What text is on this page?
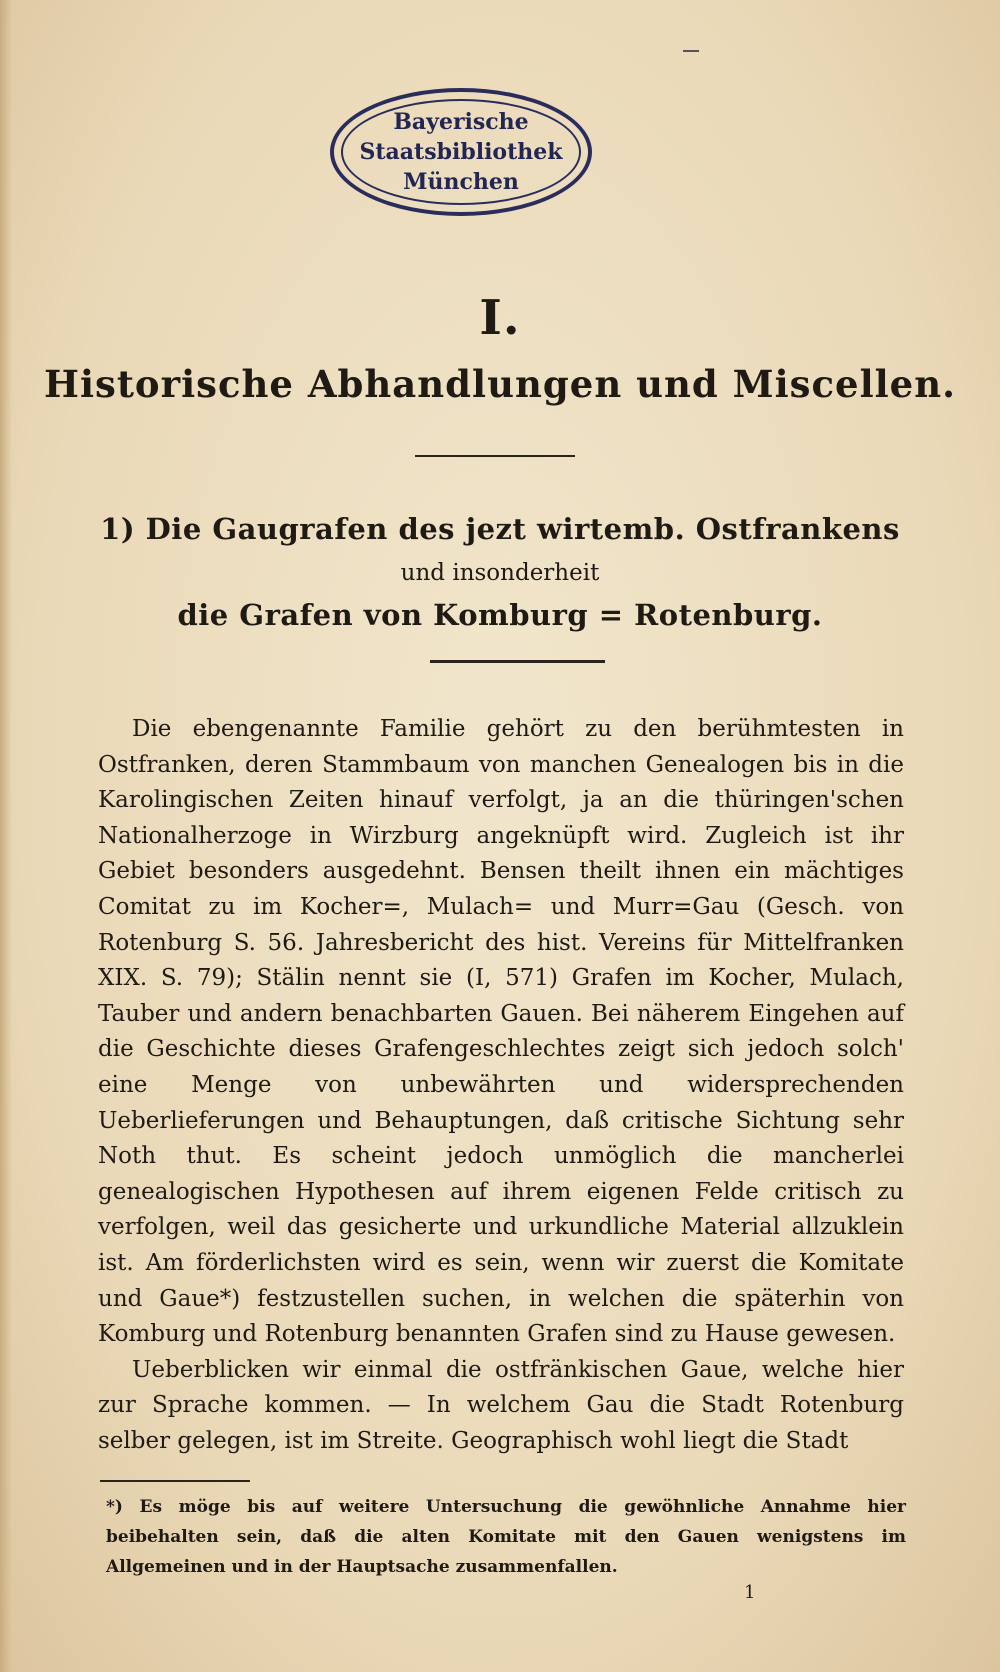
Bayerische
Staatsbibliothek
München
I.
Historische Abhandlungen und Miscellen.
1) Die Gaugrafen des jezt wirtemb. Ostfrankens
und insonderheit
die Grafen von Komburg = Rotenburg.

Die ebengenannte Familie gehört zu den berühmtesten in Ostfranken, deren Stammbaum von manchen Genealogen bis in die Karolingischen Zeiten hinauf verfolgt, ja an die thüringen'schen Nationalherzoge in Wirzburg angeknüpft wird. Zugleich ist ihr Gebiet besonders ausgedehnt. Bensen theilt ihnen ein mächtiges Comitat zu im Kocher=, Mulach= und Murr=Gau (Gesch. von Rotenburg S. 56. Jahresbericht des hist. Vereins für Mittelfranken XIX. S. 79); Stälin nennt sie (I, 571) Grafen im Kocher, Mulach, Tauber und andern benachbarten Gauen. Bei näherem Eingehen auf die Geschichte dieses Grafengeschlechtes zeigt sich jedoch solch' eine Menge von unbewährten und widersprechenden Ueberlieferungen und Behauptungen, daß critische Sichtung sehr Noth thut. Es scheint jedoch unmöglich die mancherlei genealogischen Hypothesen auf ihrem eigenen Felde critisch zu verfolgen, weil das gesicherte und urkundliche Material allzuklein ist. Am förderlichsten wird es sein, wenn wir zuerst die Komitate und Gaue*) festzustellen suchen, in welchen die späterhin von Komburg und Rotenburg benannten Grafen sind zu Hause gewesen.

Ueberblicken wir einmal die ostfränkischen Gaue, welche hier zur Sprache kommen. — In welchem Gau die Stadt Rotenburg selber gelegen, ist im Streite. Geographisch wohl liegt die Stadt

*) Es möge bis auf weitere Untersuchung die gewöhnliche Annahme hier beibehalten sein, daß die alten Komitate mit den Gauen wenigstens im Allgemeinen und in der Hauptsache zusammenfallen.
1
